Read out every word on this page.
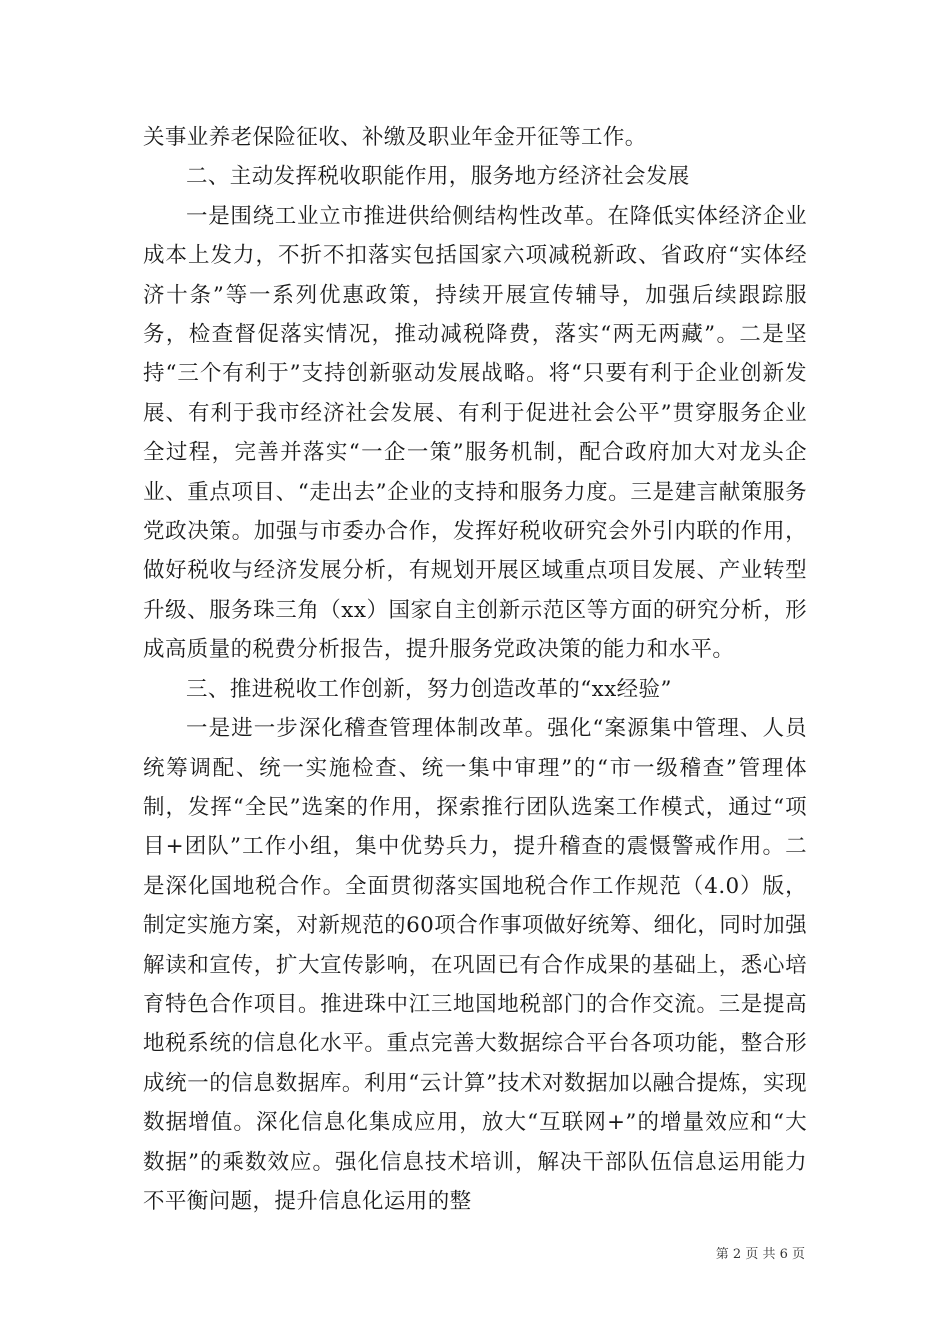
关事业养老保险征收、补缴及职业年金开征等工作。

二、主动发挥税收职能作用，服务地方经济社会发展

一是围绕工业立市推进供给侧结构性改革。在降低实体经济企业成本上发力，不折不扣落实包括国家六项减税新政、省政府“实体经济十条”等一系列优惠政策，持续开展宣传辅导，加强后续跟踪服务，检查督促落实情况，推动减税降费，落实“两无两藏”。二是坚持“三个有利于”支持创新驱动发展战略。将“只要有利于企业创新发展、有利于我市经济社会发展、有利于促进社会公平”贯穿服务企业全过程，完善并落实“一企一策”服务机制，配合政府加大对龙头企业、重点项目、“走出去”企业的支持和服务力度。三是建言献策服务党政决策。加强与市委办合作，发挥好税收研究会外引内联的作用，做好税收与经济发展分析，有规划开展区域重点项目发展、产业转型升级、服务珠三角（xx）国家自主创新示范区等方面的研究分析，形成高质量的税费分析报告，提升服务党政决策的能力和水平。

三、推进税收工作创新，努力创造改革的“xx经验”

一是进一步深化稽查管理体制改革。强化“案源集中管理、人员统筹调配、统一实施检查、统一集中审理”的“市一级稽查”管理体制，发挥“全民”选案的作用，探索推行团队选案工作模式，通过“项目+团队”工作小组，集中优势兵力，提升稽查的震慑警戒作用。二是深化国地税合作。全面贯彻落实国地税合作工作规范（4.0）版，制定实施方案，对新规范的60项合作事项做好统筹、细化，同时加强解读和宣传，扩大宣传影响，在巩固已有合作成果的基础上，悉心培育特色合作项目。推进珠中江三地国地税部门的合作交流。三是提高地税系统的信息化水平。重点完善大数据综合平台各项功能，整合形成统一的信息数据库。利用“云计算”技术对数据加以融合提炼，实现数据增值。深化信息化集成应用，放大“互联网+”的增量效应和“大数据”的乘数效应。强化信息技术培训，解决干部队伍信息运用能力不平衡问题，提升信息化运用的整

第 2 页 共 6 页
